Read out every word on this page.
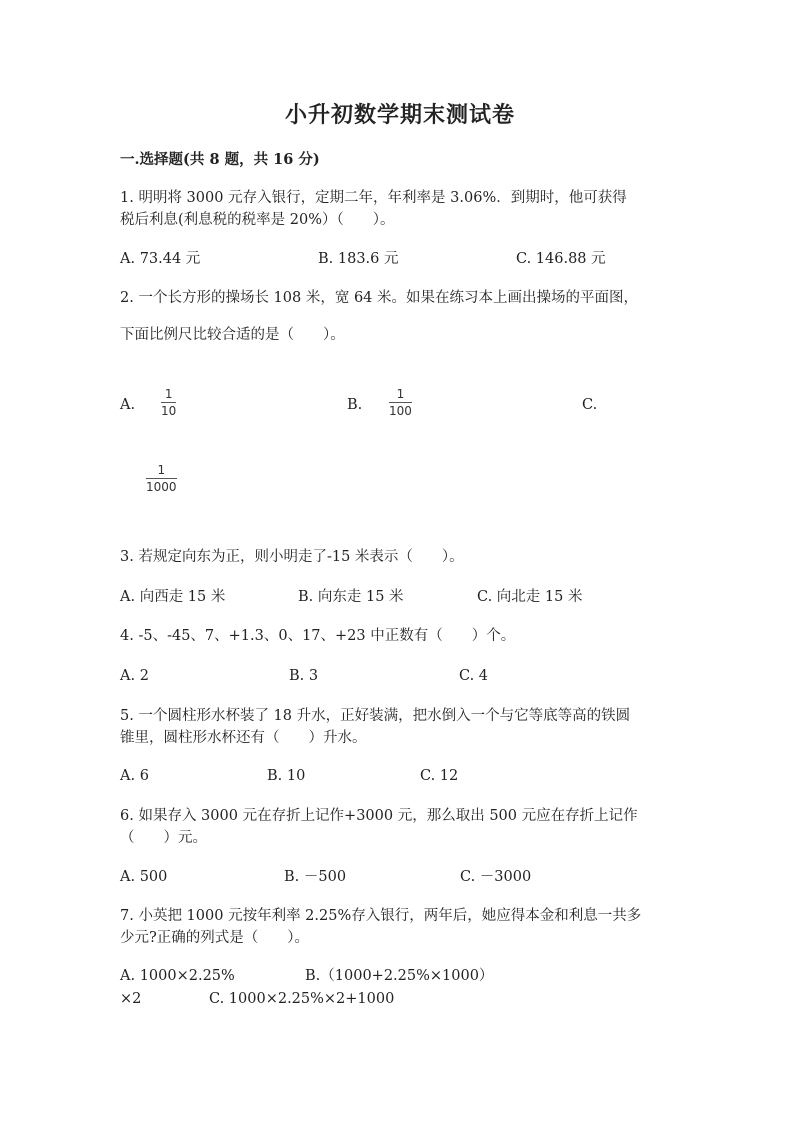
小升初数学期末测试卷
一.选择题(共 8 题，共 16 分)
1. 明明将 3000 元存入银行，定期二年，年利率是 3.06%．到期时，他可获得
税后利息(利息税的税率是 20%）（　　）。
A. 73.44 元	B. 183.6 元	C. 146.88 元
2. 一个长方形的操场长 108 米，宽 64 米。如果在练习本上画出操场的平面图，
下面比例尺比较合适的是（　　）。
A.
1
10	B.
1
100	C.
1
1000
3. 若规定向东为正，则小明走了-15 米表示（　　）。
A. 向西走 15 米	B. 向东走 15 米	C. 向北走 15 米
4. -5、-45、7、+1.3、0、17、+23 中正数有（　　）个。
A. 2	B. 3	C. 4
5. 一个圆柱形水杯装了 18 升水，正好装满，把水倒入一个与它等底等高的铁圆
锥里，圆柱形水杯还有（　　）升水。
A. 6	B. 10	C. 12
6. 如果存入 3000 元在存折上记作+3000 元，那么取出 500 元应在存折上记作
（　　）元。
A. 500	B. －500	C. －3000
7. 小英把 1000 元按年利率 2.25%存入银行，两年后，她应得本金和利息一共多
少元?正确的列式是（　　）。
A. 1000×2.25%	B.（1000+2.25%×1000）
×2	C. 1000×2.25%×2+1000
